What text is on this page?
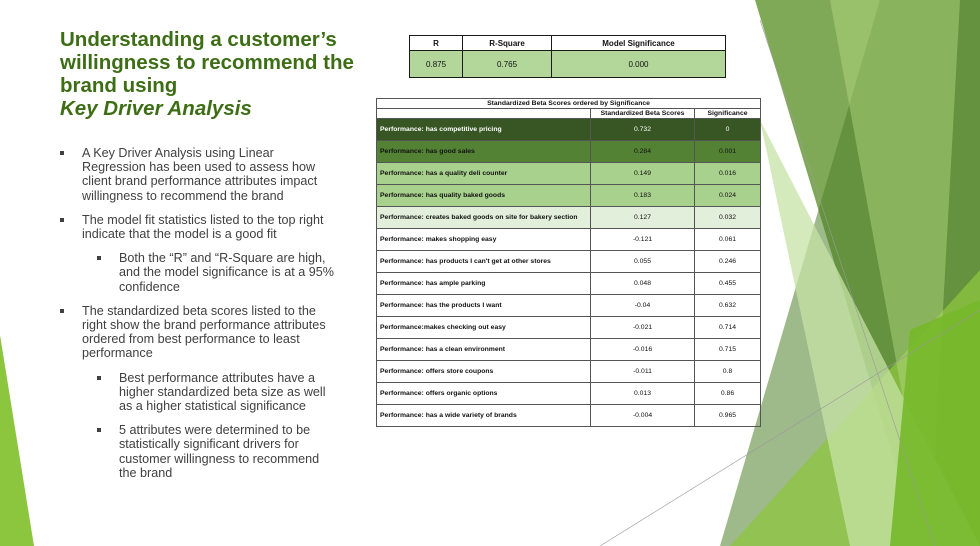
Understanding a customer’s willingness to recommend the brand using
Key Driver Analysis
A Key Driver Analysis using Linear Regression has been used to assess how client brand performance attributes impact willingness to recommend the brand
The model fit statistics listed to the top right indicate that the model is a good fit
Both the “R” and “R-Square are high, and the model significance is at a 95% confidence
The standardized beta scores listed to the right show the brand performance attributes ordered from best performance to least performance
Best performance attributes have a higher standardized beta size as well as a higher statistical significance
5 attributes were determined to be statistically significant drivers for customer willingness to recommend the brand
R	R-Square	Model Significance
0.875	0.765	0.000
Standardized Beta Scores ordered by Significance		
	Standardized Beta Scores	Significance
Performance: has competitive pricing	0.732	0
Performance: has good sales	0.284	0.001
Performance: has a quality deli counter	0.149	0.016
Performance: has quality baked goods	0.183	0.024
Performance: creates baked goods on site for bakery section	0.127	0.032
Performance: makes shopping easy	-0.121	0.061
Performance: has products I can't get at other stores	0.055	0.246
Performance: has ample parking	0.048	0.455
Performance: has the products I want	-0.04	0.632
Performance:makes checking out easy	-0.021	0.714
Performance: has a clean environment	-0.016	0.715
Performance: offers store coupons	-0.011	0.8
Performance: offers organic options	0.013	0.86
Performance: has a wide variety of brands	-0.004	0.965
